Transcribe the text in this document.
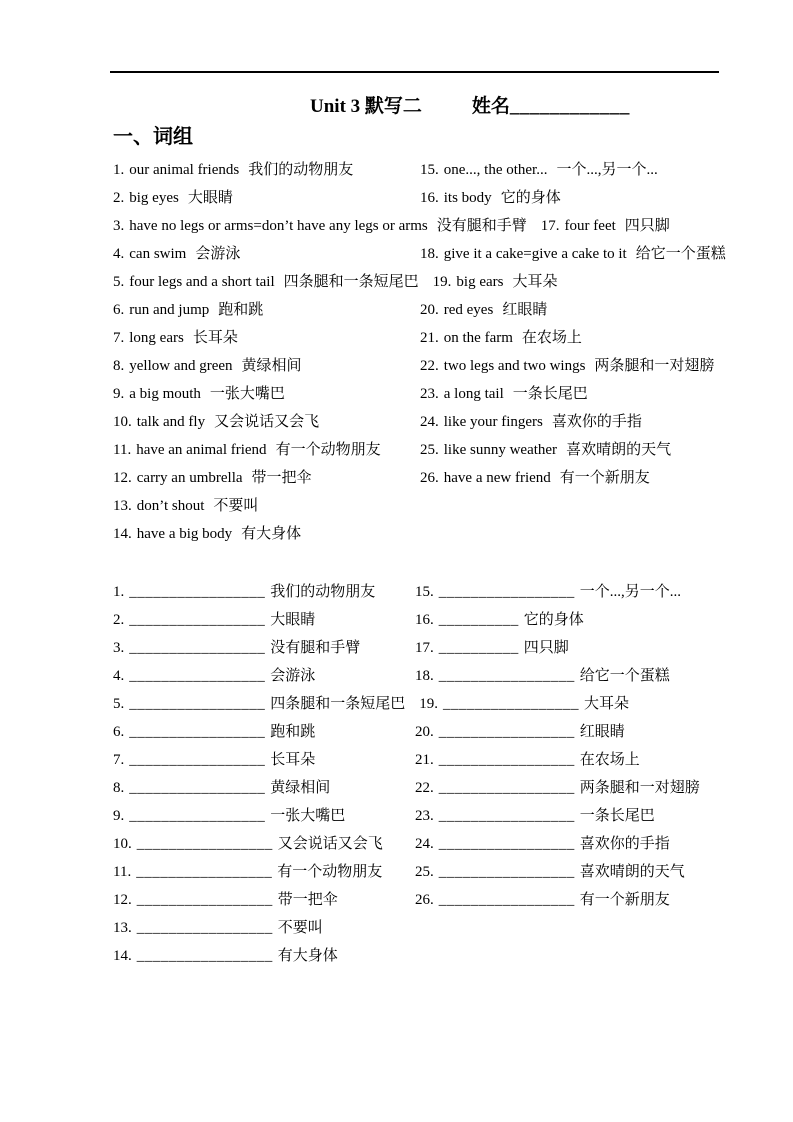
Unit 3 默写二	姓名____________
一、词组
1. our animal friends 我们的动物朋友	15. one..., the other... 一个...,另一个...
2. big eyes 大眼睛	16. its body 它的身体
3. have no legs or arms=don’t have any legs or arms 没有腿和手臂 17. four feet 四只脚
4. can swim 会游泳	18. give it a cake=give a cake to it 给它一个蛋糕
5. four legs and a short tail 四条腿和一条短尾巴 19. big ears 大耳朵
6. run and jump 跑和跳	20. red eyes 红眼睛
7. long ears 长耳朵	21. on the farm 在农场上
8. yellow and green 黄绿相间	22. two legs and two wings 两条腿和一对翅膀
9. a big mouth 一张大嘴巴	23. a long tail 一条长尾巴
10. talk and fly 又会说话又会飞	24. like your fingers 喜欢你的手指
11. have an animal friend 有一个动物朋友	25. like sunny weather 喜欢晴朗的天气
12. carry an umbrella 带一把伞	26. have a new friend 有一个新朋友
13. don’t shout 不要叫
14. have a big body 有大身体
1. _________________ 我们的动物朋友	15. _________________ 一个...,另一个...
2. _________________ 大眼睛	16. __________ 它的身体
3. _________________ 没有腿和手臂	17. __________ 四只脚
4. _________________ 会游泳	18. _________________ 给它一个蛋糕
5. _________________ 四条腿和一条短尾巴 19. _________________ 大耳朵
6. _________________ 跑和跳	20. _________________ 红眼睛
7. _________________ 长耳朵	21. _________________ 在农场上
8. _________________ 黄绿相间	22. _________________ 两条腿和一对翅膀
9. _________________ 一张大嘴巴	23. _________________ 一条长尾巴
10. _________________ 又会说话又会飞 24. _________________ 喜欢你的手指
11. _________________ 有一个动物朋友 25. _________________ 喜欢晴朗的天气
12. _________________ 带一把伞	26. _________________ 有一个新朋友
13. _________________ 不要叫
14. _________________ 有大身体
